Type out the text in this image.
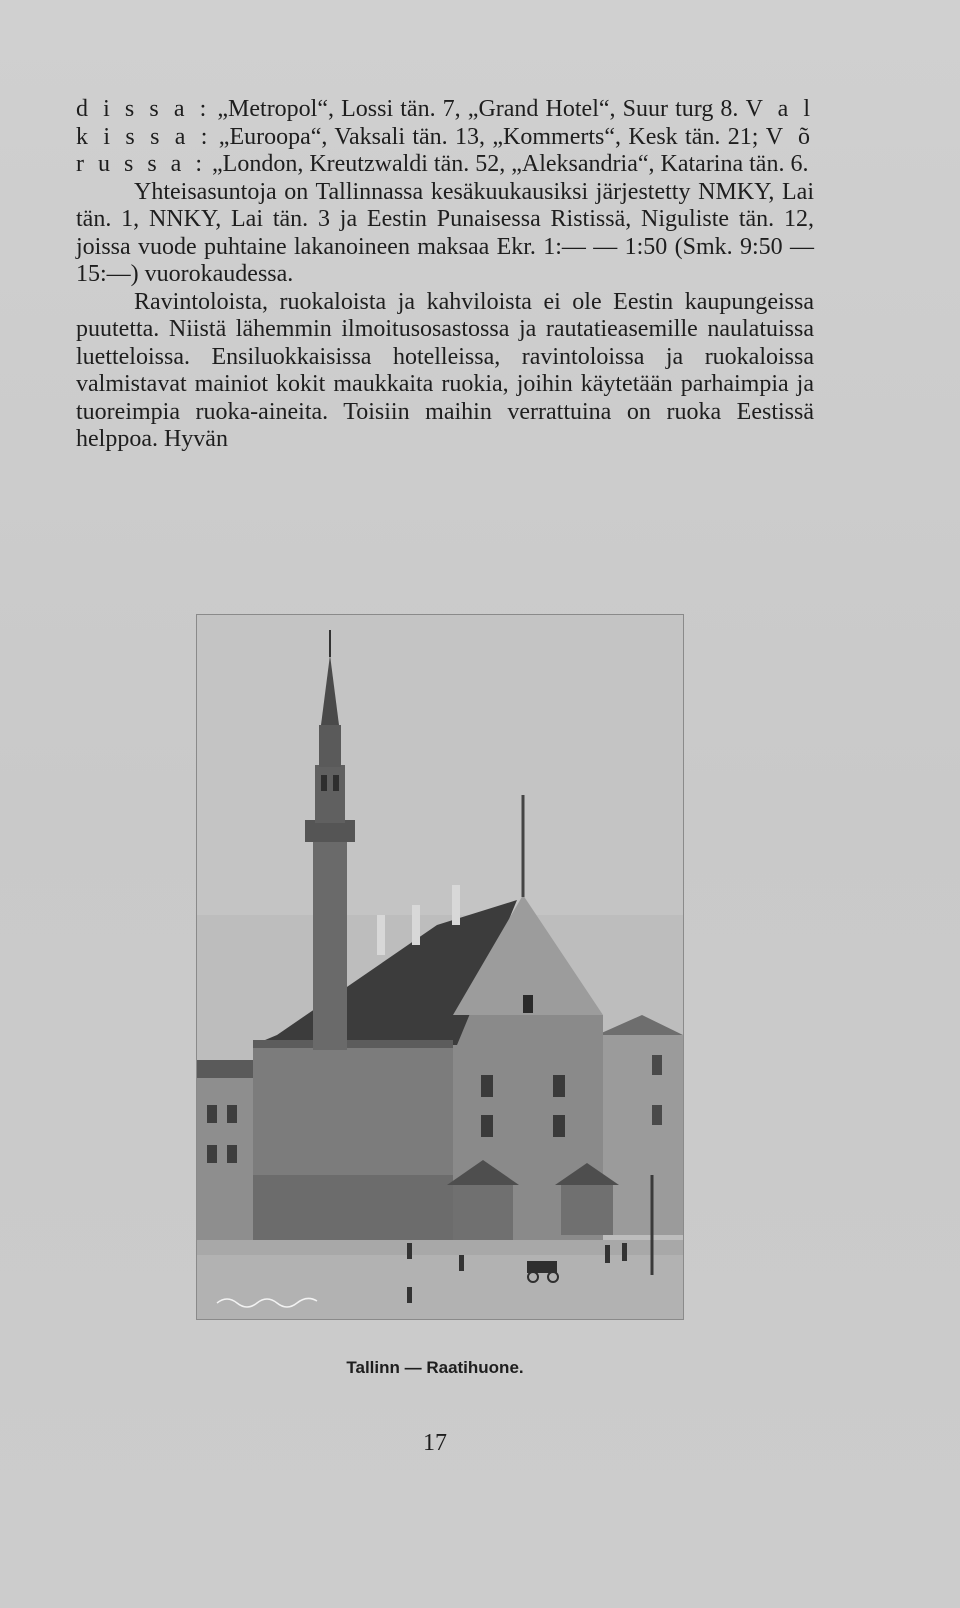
d i s s a : „Metropol“, Lossi tän. 7, „Grand Hotel“, Suur turg 8. V a l k i s s a : „Euroopa“, Vaksali tän. 13, „Kommerts“, Kesk tän. 21; V õ r u s s a : „London, Kreutzwaldi tän. 52, „Aleksandria“, Katarina tän. 6.

Yhteisasuntoja on Tallinnassa kesäkuukausiksi järjestetty NMKY, Lai tän. 1, NNKY, Lai tän. 3 ja Eestin Punaisessa Ristissä, Niguliste tän. 12, joissa vuode puhtaine lakanoineen maksaa Ekr. 1:— — 1:50 (Smk. 9:50 — 15:—) vuorokaudessa.

Ravintoloista, ruokaloista ja kahviloista ei ole Eestin kaupungeissa puutetta. Niistä lähemmin ilmoitusosastossa ja rautatieasemille naulatuissa luetteloissa. Ensiluokkaisissa hotelleissa, ravintoloissa ja ruokaloissa valmistavat mainiot kokit maukkaita ruokia, joihin käytetään parhaimpia ja tuoreimpia ruoka-aineita. Toisiin maihin verrattuina on ruoka Eestissä helppoa. Hyvän

Tallinn — Raatihuone.
17
